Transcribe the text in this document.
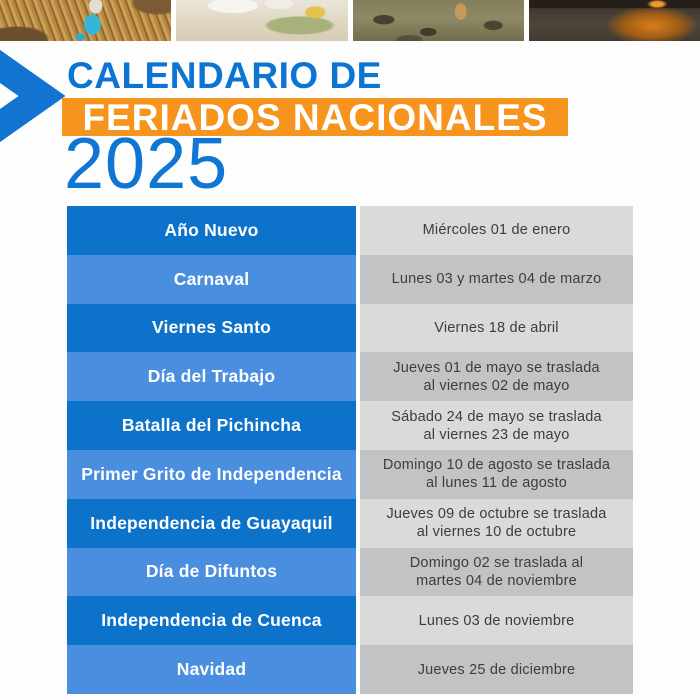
CALENDARIO DE
FERIADOS NACIONALES
2025
Año Nuevo	Miércoles 01 de enero
Carnaval	Lunes 03 y martes 04 de marzo
Viernes Santo	Viernes 18 de abril
Día del Trabajo	Jueves 01 de mayo se traslada
al viernes 02 de mayo
Batalla del Pichincha	Sábado 24 de mayo se traslada
al viernes 23 de mayo
Primer Grito de Independencia	Domingo 10 de agosto se traslada
al lunes 11 de agosto
Independencia de Guayaquil	Jueves 09 de octubre se traslada
al viernes 10 de octubre
Día de Difuntos	Domingo 02 se traslada al
martes 04 de noviembre
Independencia de Cuenca	Lunes 03 de noviembre
Navidad	Jueves 25 de diciembre
